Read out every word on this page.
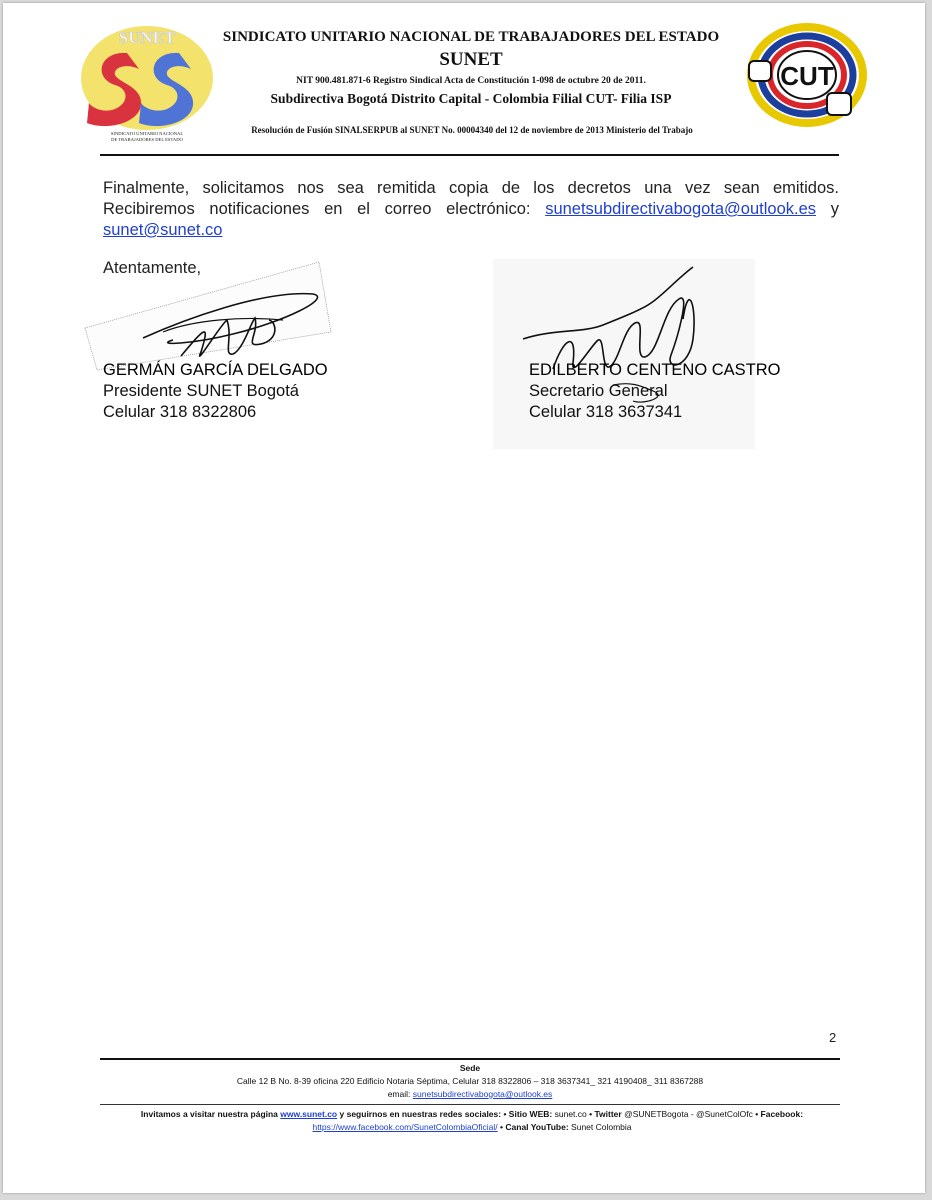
SUNET
SINDICATO UNITARIO NACIONAL
DE TRABAJADORES DEL ESTADO
SINDICATO UNITARIO NACIONAL DE TRABAJADORES DEL ESTADO
SUNET
NIT 900.481.871-6 Registro Sindical Acta de Constitución 1-098 de octubre 20 de 2011.
Subdirectiva Bogotá Distrito Capital - Colombia Filial CUT- Filia ISP
Resolución de Fusión SINALSERPUB al SUNET No. 00004340 del 12 de noviembre de 2013 Ministerio del Trabajo
CUT
Finalmente, solicitamos nos sea remitida copia de los decretos una vez sean emitidos.
Recibiremos notificaciones en el correo electrónico: sunetsubdirectivabogota@outlook.es y
sunet@sunet.co
Atentamente,
GERMÁN GARCÍA DELGADO
Presidente SUNET Bogotá
Celular 318 8322806
EDILBERTO CENTENO CASTRO
Secretario General
Celular 318 3637341
2
Sede
Calle 12 B No. 8-39 oficina 220 Edificio Notaria Séptima, Celular 318 8322806 – 318 3637341_ 321 4190408_ 311 8367288
email: sunetsubdirectivabogota@outlook.es
Invitamos a visitar nuestra página www.sunet.co y seguirnos en nuestras redes sociales: • Sitio WEB: sunet.co • Twitter @SUNETBogota - @SunetColOfc • Facebook: https://www.facebook.com/SunetColombiaOficial/ • Canal YouTube: Sunet Colombia
